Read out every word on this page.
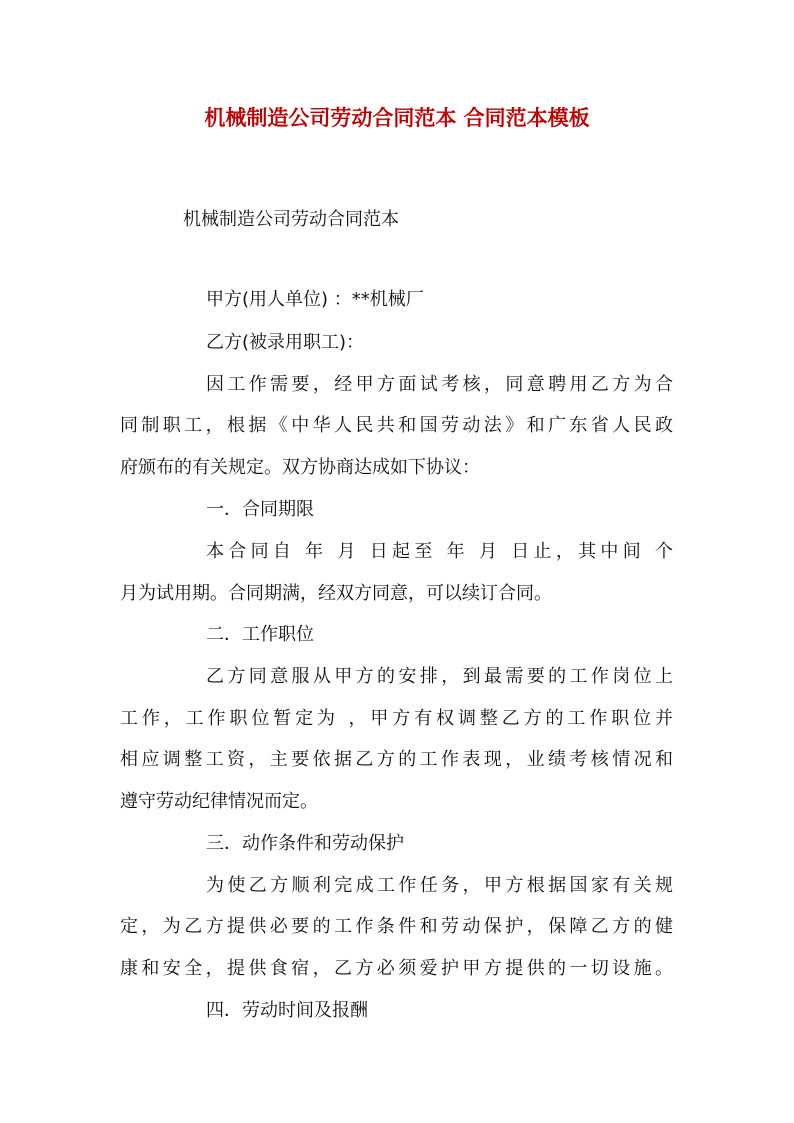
机械制造公司劳动合同范本 合同范本模板
机械制造公司劳动合同范本
甲方(用人单位) ：**机械厂
乙方(被录用职工)：
因工作需要，经甲方面试考核，同意聘用乙方为合
同制职工，根据《中华人民共和国劳动法》和广东省人民政
府颁布的有关规定。双方协商达成如下协议：
一．合同期限
本合同自 年 月 日起至 年 月 日止，其中间 个
月为试用期。合同期满，经双方同意，可以续订合同。
二．工作职位
乙方同意服从甲方的安排，到最需要的工作岗位上
工作，工作职位暂定为 ，甲方有权调整乙方的工作职位并
相应调整工资，主要依据乙方的工作表现，业绩考核情况和
遵守劳动纪律情况而定。
三．动作条件和劳动保护
为使乙方顺利完成工作任务，甲方根据国家有关规
定，为乙方提供必要的工作条件和劳动保护，保障乙方的健
康和安全，提供食宿，乙方必须爱护甲方提供的一切设施。
四．劳动时间及报酬
